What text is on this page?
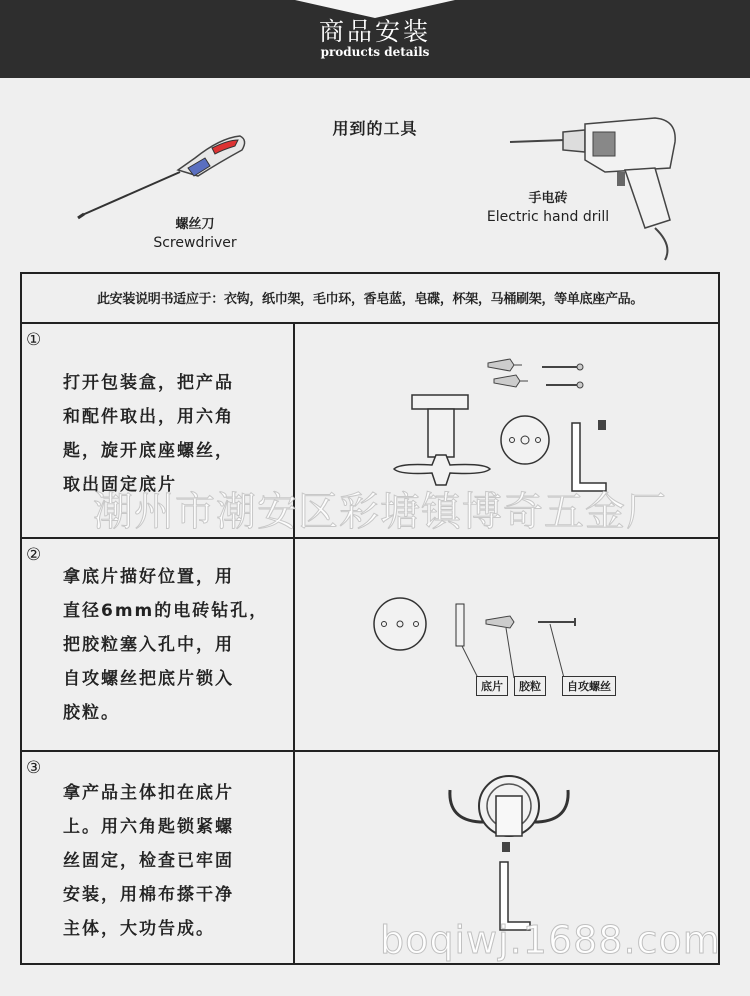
商品安装
products details
用到的工具
螺丝刀
Screwdriver
手电砖
Electric hand drill
此安装说明书适应于：衣钩，纸巾架，毛巾环，香皂蓝，皂碟，杯架，马桶刷架，等单底座产品。
①
打开包装盒，把产品
和配件取出，用六角
匙，旋开底座螺丝，
取出固定底片
②
拿底片描好位置，用
直径6mm的电砖钻孔，
把胶粒塞入孔中，用
自攻螺丝把底片锁入
胶粒。
底片	胶粒	自攻螺丝
③
拿产品主体扣在底片
上。用六角匙锁紧螺
丝固定，检查已牢固
安装，用棉布搽干净
主体，大功告成。
潮州市潮安区彩塘镇博奇五金厂
boqiwj.1688.com
